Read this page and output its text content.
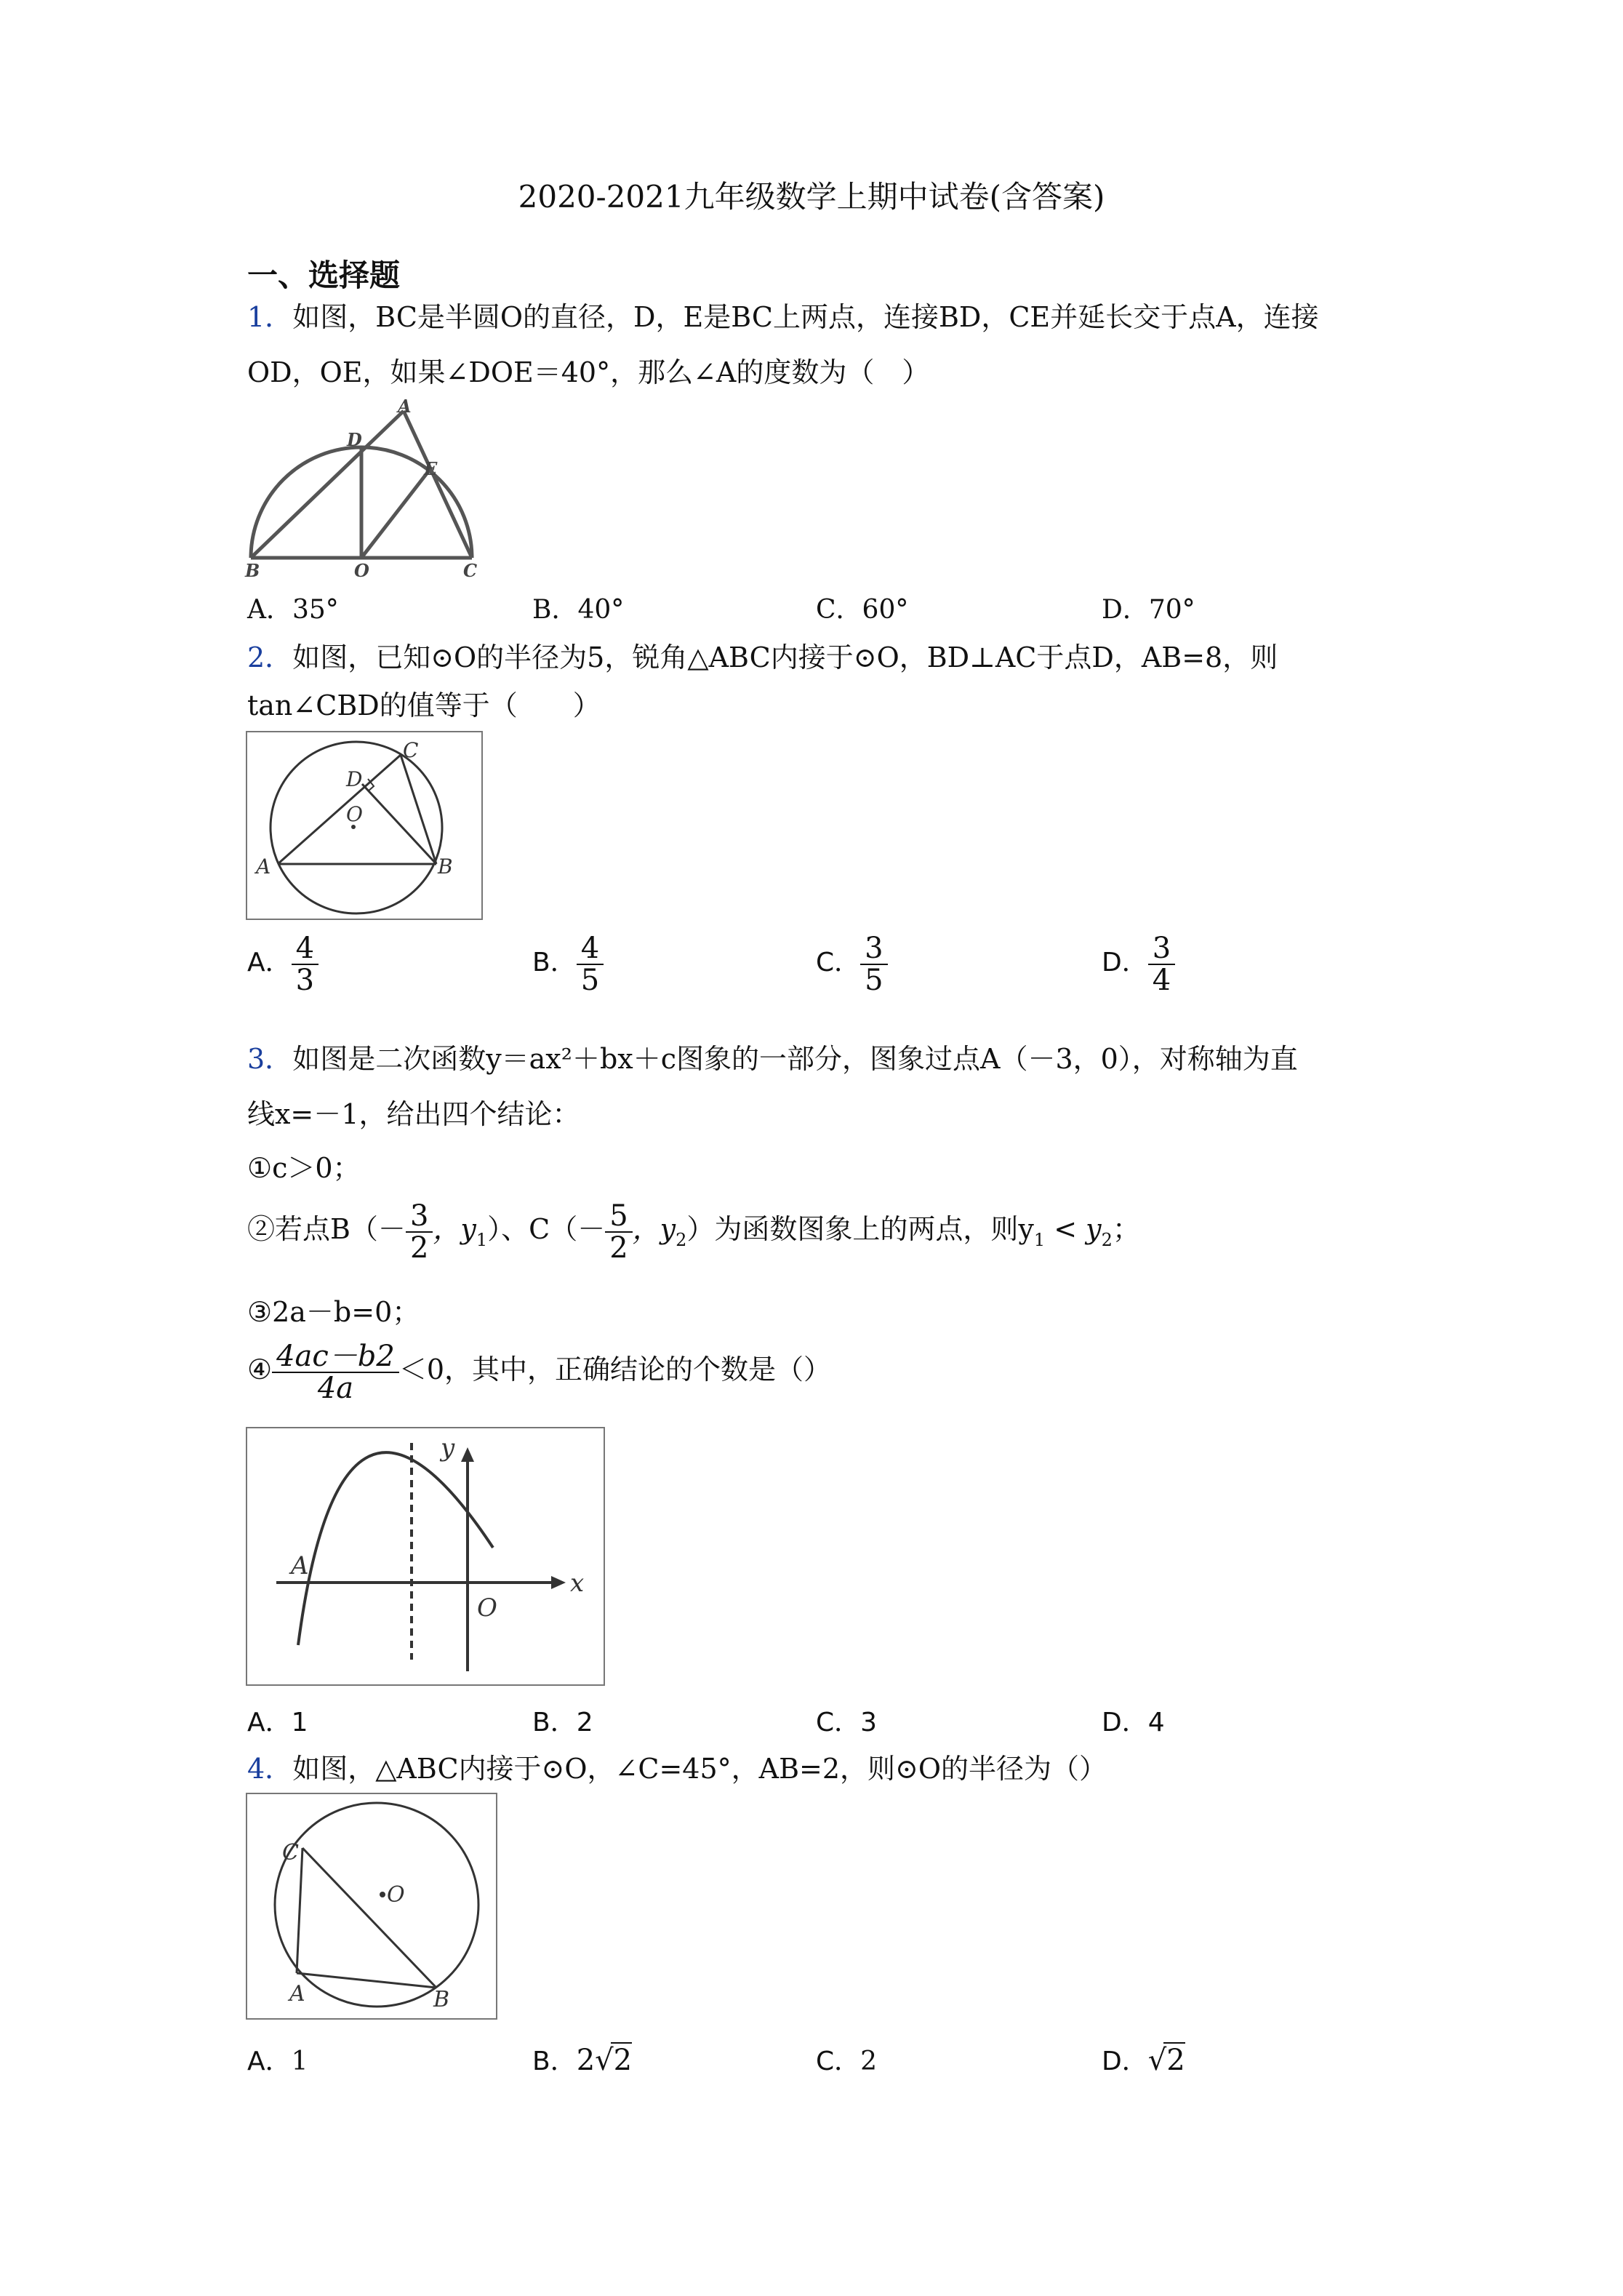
2020-2021九年级数学上期中试卷(含答案)
一、选择题
1．如图，BC是半圆O的直径，D，E是BC上两点，连接BD，CE并延长交于点A，连接
OD，OE，如果∠DOE＝40°，那么∠A的度数为（　）
A
D
E
B	O	C
A．35°	B．40°	C．60°	D．70°
2．如图，已知⊙O的半径为5，锐角△ABC内接于⊙O，BD⊥AC于点D，AB=8，则
tan∠CBD的值等于（　　）
C
D
O
A	B
A． $\frac{4}{3}$	B． $\frac{4}{5}$	C． $\frac{3}{5}$	D． $\frac{3}{4}$
3．如图是二次函数y＝ax²＋bx＋c图象的一部分，图象过点A（－3，0），对称轴为直
线x=－1，给出四个结论：
①c＞0；
②若点$B(- \frac{3}{2}$ ，$y_1$）、$C(- \frac{5}{2}$ ，$y_2$）为函数图象上的两点，则$y_1 < y_2$；
③2a－b=0；
④ $\frac{4ac-b2}{4a} <0$，其中，正确结论的个数是（）
y
A
x
O
A．1	B．2	C．3	D．4
4．如图，△ABC内接于⊙O，∠C=45°，AB=2，则⊙O的半径为（）
C
O
A	B
A．1	B．2√2	C．2	D．√2
